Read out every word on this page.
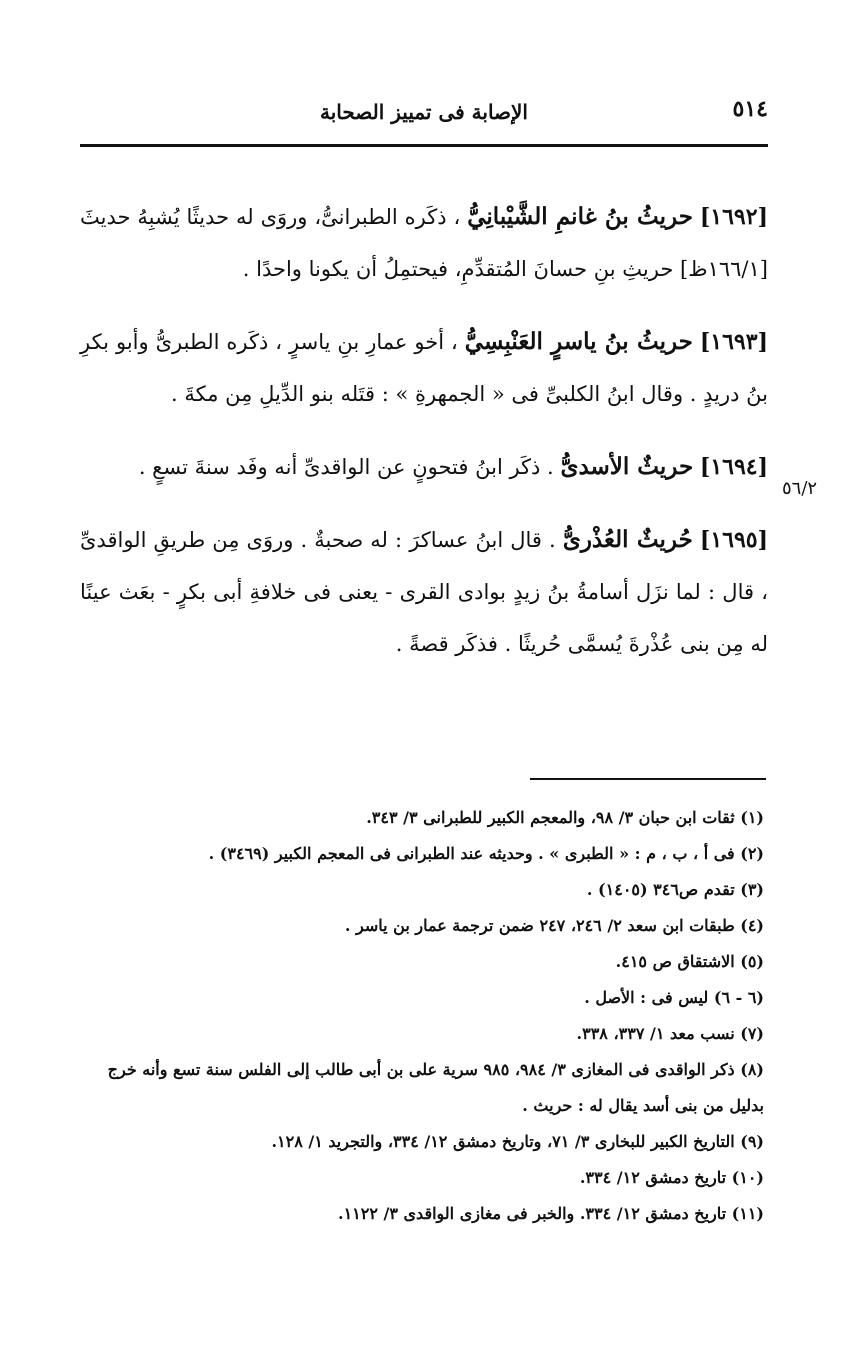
٥١٤
الإصابة فى تمييز الصحابة
٥٦/٢

[١٦٩٢] حريثُ بنُ غانمِ الشَّيْبانِيُّ ، ذكَره الطبرانىُّ، وروَى له حديثًا يُشبِهُ حديثَ [١٦٦/١ظ] حريثِ بنِ حسانَ المُتقدِّمِ، فيحتمِلُ أن يكونا واحدًا .

[١٦٩٣] حريثُ بنُ ياسرٍ العَنْبِسِيُّ ، أخو عمارِ بنِ ياسرٍ ، ذكَره الطبرىُّ وأبو بكرِ بنُ دريدٍ . وقال ابنُ الكلبىِّ فى « الجمهرةِ » : قتَله بنو الدِّيلِ مِن مكةَ .

[١٦٩٤] حريثٌ الأسدىُّ . ذكَر ابنُ فتحونٍ عن الواقدىِّ أنه وفَد سنةَ تسعٍ .

[١٦٩٥] حُريثٌ العُذْرىُّ . قال ابنُ عساكرَ : له صحبةٌ . وروَى مِن طريقِ الواقدىِّ ، قال : لما نزَل أسامةُ بنُ زيدٍ بوادى القرى - يعنى فى خلافةِ أبى بكرٍ - بعَث عينًا له مِن بنى عُذْرةَ يُسمَّى حُريثًا . فذكَر قصةً .

(١) ثقات ابن حبان ٣/ ٩٨، والمعجم الكبير للطبرانى ٣/ ٣٤٣.
(٢) فى أ ، ب ، م : « الطبرى » . وحديثه عند الطبرانى فى المعجم الكبير (٣٤٦٩) .
(٣) تقدم ص٣٤٦ (١٤٠٥) .
(٤) طبقات ابن سعد ٢/ ٢٤٦، ٢٤٧ ضمن ترجمة عمار بن ياسر .
(٥) الاشتقاق ص ٤١٥.
(٦ - ٦) ليس فى : الأصل .
(٧) نسب معد ١/ ٣٣٧، ٣٣٨.
(٨) ذكر الواقدى فى المغازى ٣/ ٩٨٤، ٩٨٥ سرية على بن أبى طالب إلى الفلس سنة تسع وأنه خرج بدليل من بنى أسد يقال له : حريث .
(٩) التاريخ الكبير للبخارى ٣/ ٧١، وتاريخ دمشق ١٢/ ٣٣٤، والتجريد ١/ ١٢٨.
(١٠) تاريخ دمشق ١٢/ ٣٣٤.
(١١) تاريخ دمشق ١٢/ ٣٣٤. والخبر فى مغازى الواقدى ٣/ ١١٢٢.
